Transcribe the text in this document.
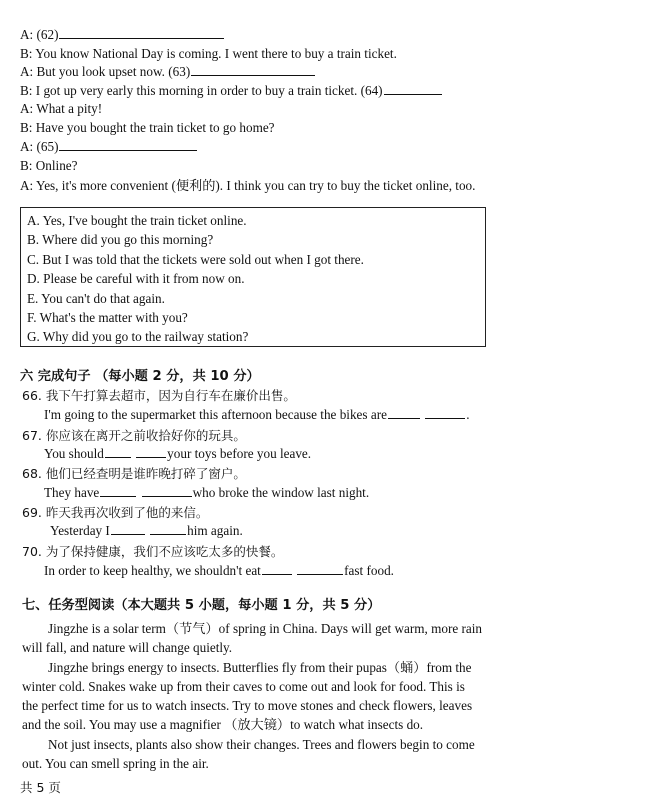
A: (62)
B: You know National Day is coming. I went there to buy a train ticket.
A: But you look upset now. (63)
B: I got up very early this morning in order to buy a train ticket. (64)
A: What a pity!
B: Have you bought the train ticket to go home?
A: (65)
B: Online?
A: Yes, it's more convenient (便利的). I think you can try to buy the ticket online, too.
A. Yes, I've bought the train ticket online.
B. Where did you go this morning?
C. But I was told that the tickets were sold out when I got there.
D. Please be careful with it from now on.
E. You can't do that again.
F. What's the matter with you?
G. Why did you go to the railway station?
六 完成句子 （每小题 2 分，共 10 分）
66. 我下午打算去超市，因为自行车在廉价出售。
I'm going to the supermarket this afternoon because the bikes are	.
67. 你应该在离开之前收拾好你的玩具。
You should	your toys before you leave.
68. 他们已经查明是谁昨晚打碎了窗户。
They have	who broke the window last night.
69. 昨天我再次收到了他的来信。
Yesterday I	him again.
70. 为了保持健康，我们不应该吃太多的快餐。
In order to keep healthy, we shouldn't eat	fast food.
七、任务型阅读（本大题共 5 小题，每小题 1 分，共 5 分）
Jingzhe is a solar term（节气）of spring in China. Days will get warm, more rain
will fall, and nature will change quietly.
Jingzhe brings energy to insects. Butterflies fly from their pupas（蛹）from the
winter cold. Snakes wake up from their caves to come out and look for food. This is
the perfect time for us to watch insects. Try to move stones and check flowers, leaves
and the soil. You may use a magnifier （放大镜）to watch what insects do.
Not just insects, plants also show their changes. Trees and flowers begin to come
out. You can smell spring in the air.
共 5 页
